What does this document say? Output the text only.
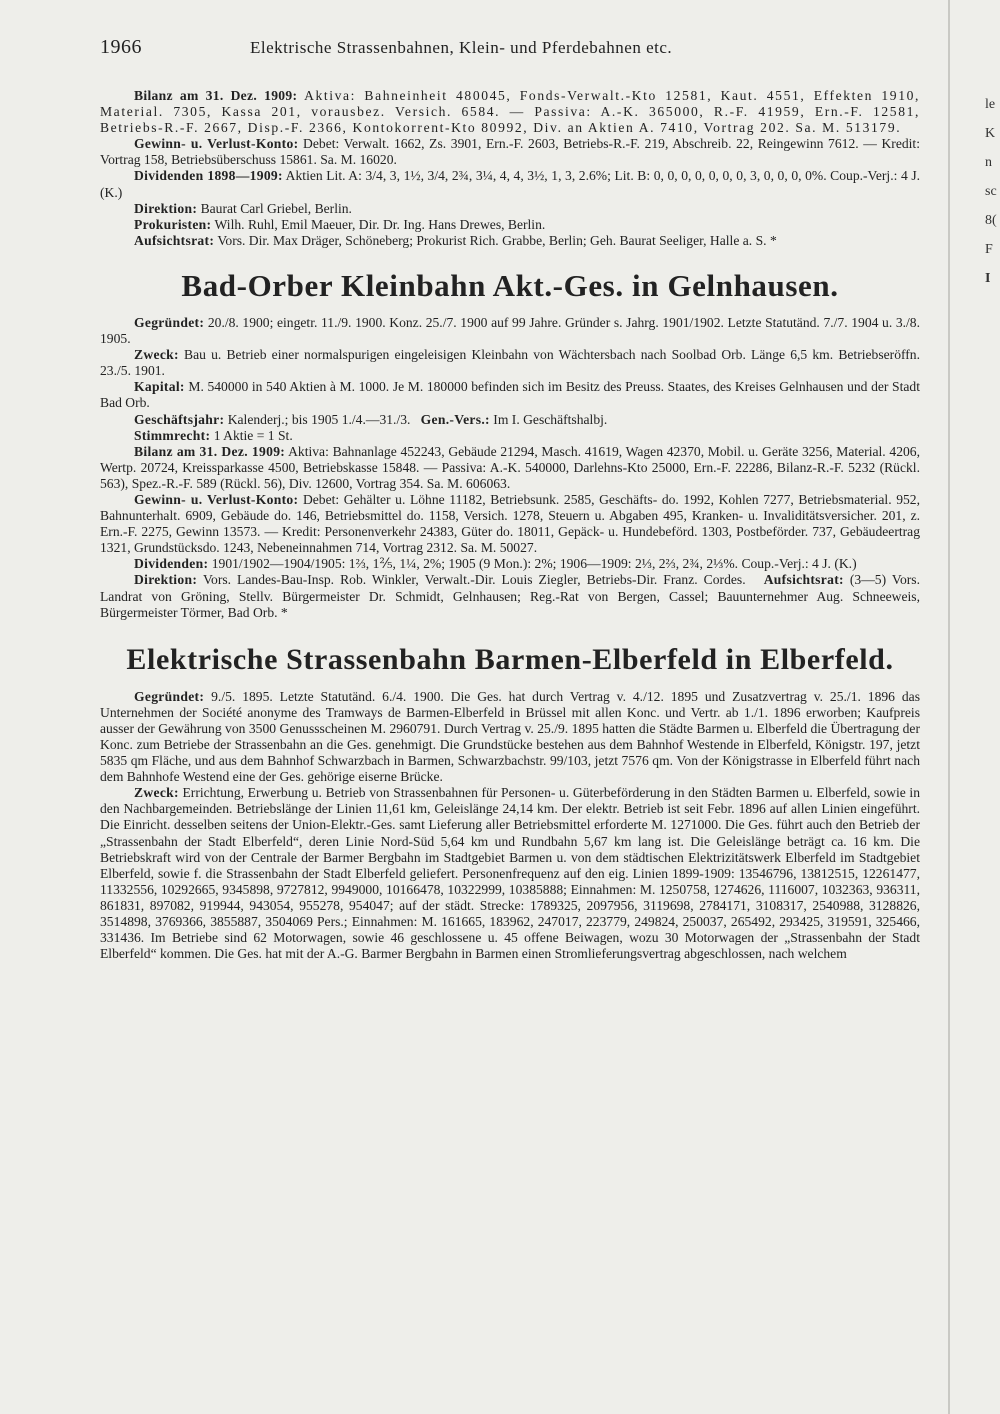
le
K
n
sc
8(
F
I
1966	Elektrische Strassenbahnen, Klein- und Pferdebahnen etc.

Bilanz am 31. Dez. 1909: Aktiva: Bahneinheit 480045, Fonds-Verwalt.-Kto 12581, Kaut. 4551, Effekten 1910, Material. 7305, Kassa 201, vorausbez. Versich. 6584. — Passiva: A.-K. 365000, R.-F. 41959, Ern.-F. 12581, Betriebs-R.-F. 2667, Disp.-F. 2366, Kontokorrent-Kto 80992, Div. an Aktien A. 7410, Vortrag 202. Sa. M. 513179.

Gewinn- u. Verlust-Konto: Debet: Verwalt. 1662, Zs. 3901, Ern.-F. 2603, Betriebs-R.-F. 219, Abschreib. 22, Reingewinn 7612. — Kredit: Vortrag 158, Betriebsüberschuss 15861. Sa. M. 16020.

Dividenden 1898—1909: Aktien Lit. A: 3/4, 3, 1½, 3/4, 2¾, 3¼, 4, 4, 3½, 1, 3, 2.6%; Lit. B: 0, 0, 0, 0, 0, 0, 0, 3, 0, 0, 0, 0%. Coup.-Verj.: 4 J. (K.)

Direktion: Baurat Carl Griebel, Berlin.

Prokuristen: Wilh. Ruhl, Emil Maeuer, Dir. Dr. Ing. Hans Drewes, Berlin.

Aufsichtsrat: Vors. Dir. Max Dräger, Schöneberg; Prokurist Rich. Grabbe, Berlin; Geh. Baurat Seeliger, Halle a. S. *

Bad-Orber Kleinbahn Akt.-Ges. in Gelnhausen.

Gegründet: 20./8. 1900; eingetr. 11./9. 1900. Konz. 25./7. 1900 auf 99 Jahre. Gründer s. Jahrg. 1901/1902. Letzte Statutänd. 7./7. 1904 u. 3./8. 1905.

Zweck: Bau u. Betrieb einer normalspurigen eingeleisigen Kleinbahn von Wächtersbach nach Soolbad Orb. Länge 6,5 km. Betriebseröffn. 23./5. 1901.

Kapital: M. 540000 in 540 Aktien à M. 1000. Je M. 180000 befinden sich im Besitz des Preuss. Staates, des Kreises Gelnhausen und der Stadt Bad Orb.

Geschäftsjahr: Kalenderj.; bis 1905 1./4.—31./3. Gen.-Vers.: Im I. Geschäftshalbj.

Stimmrecht: 1 Aktie = 1 St.

Bilanz am 31. Dez. 1909: Aktiva: Bahnanlage 452243, Gebäude 21294, Masch. 41619, Wagen 42370, Mobil. u. Geräte 3256, Material. 4206, Wertp. 20724, Kreissparkasse 4500, Betriebskasse 15848. — Passiva: A.-K. 540000, Darlehns-Kto 25000, Ern.-F. 22286, Bilanz-R.-F. 5232 (Rückl. 563), Spez.-R.-F. 589 (Rückl. 56), Div. 12600, Vortrag 354. Sa. M. 606063.

Gewinn- u. Verlust-Konto: Debet: Gehälter u. Löhne 11182, Betriebsunk. 2585, Geschäfts- do. 1992, Kohlen 7277, Betriebsmaterial. 952, Bahnunterhalt. 6909, Gebäude do. 146, Betriebsmittel do. 1158, Versich. 1278, Steuern u. Abgaben 495, Kranken- u. Invaliditätsversicher. 201, z. Ern.-F. 2275, Gewinn 13573. — Kredit: Personenverkehr 24383, Güter do. 18011, Gepäck- u. Hundebeförd. 1303, Postbeförder. 737, Gebäudeertrag 1321, Grundstücksdo. 1243, Nebeneinnahmen 714, Vortrag 2312. Sa. M. 50027.

Dividenden: 1901/1902—1904/1905: 1⅔, 1⅖, 1¼, 2%; 1905 (9 Mon.): 2%; 1906—1909: 2⅓, 2⅔, 2¾, 2⅓%. Coup.-Verj.: 4 J. (K.)

Direktion: Vors. Landes-Bau-Insp. Rob. Winkler, Verwalt.-Dir. Louis Ziegler, Betriebs-Dir. Franz. Cordes. Aufsichtsrat: (3—5) Vors. Landrat von Gröning, Stellv. Bürgermeister Dr. Schmidt, Gelnhausen; Reg.-Rat von Bergen, Cassel; Bauunternehmer Aug. Schneeweis, Bürgermeister Törmer, Bad Orb. *

Elektrische Strassenbahn Barmen-Elberfeld in Elberfeld.

Gegründet: 9./5. 1895. Letzte Statutänd. 6./4. 1900. Die Ges. hat durch Vertrag v. 4./12. 1895 und Zusatzvertrag v. 25./1. 1896 das Unternehmen der Société anonyme des Tramways de Barmen-Elberfeld in Brüssel mit allen Konc. und Vertr. ab 1./1. 1896 erworben; Kaufpreis ausser der Gewährung von 3500 Genussscheinen M. 2960791. Durch Vertrag v. 25./9. 1895 hatten die Städte Barmen u. Elberfeld die Übertragung der Konc. zum Betriebe der Strassenbahn an die Ges. genehmigt. Die Grundstücke bestehen aus dem Bahnhof Westende in Elberfeld, Königstr. 197, jetzt 5835 qm Fläche, und aus dem Bahnhof Schwarzbach in Barmen, Schwarzbachstr. 99/103, jetzt 7576 qm. Von der Königstrasse in Elberfeld führt nach dem Bahnhofe Westend eine der Ges. gehörige eiserne Brücke.

Zweck: Errichtung, Erwerbung u. Betrieb von Strassenbahnen für Personen- u. Güterbeförderung in den Städten Barmen u. Elberfeld, sowie in den Nachbargemeinden. Betriebslänge der Linien 11,61 km, Geleislänge 24,14 km. Der elektr. Betrieb ist seit Febr. 1896 auf allen Linien eingeführt. Die Einricht. desselben seitens der Union-Elektr.-Ges. samt Lieferung aller Betriebsmittel erforderte M. 1271000. Die Ges. führt auch den Betrieb der „Strassenbahn der Stadt Elberfeld“, deren Linie Nord-Süd 5,64 km und Rundbahn 5,67 km lang ist. Die Geleislänge beträgt ca. 16 km. Die Betriebskraft wird von der Centrale der Barmer Bergbahn im Stadtgebiet Barmen u. von dem städtischen Elektrizitätswerk Elberfeld im Stadtgebiet Elberfeld, sowie f. die Strassenbahn der Stadt Elberfeld geliefert. Personenfrequenz auf den eig. Linien 1899-1909: 13546796, 13812515, 12261477, 11332556, 10292665, 9345898, 9727812, 9949000, 10166478, 10322999, 10385888; Einnahmen: M. 1250758, 1274626, 1116007, 1032363, 936311, 861831, 897082, 919944, 943054, 955278, 954047; auf der städt. Strecke: 1789325, 2097956, 3119698, 2784171, 3108317, 2540988, 3128826, 3514898, 3769366, 3855887, 3504069 Pers.; Einnahmen: M. 161665, 183962, 247017, 223779, 249824, 250037, 265492, 293425, 319591, 325466, 331436. Im Betriebe sind 62 Motorwagen, sowie 46 geschlossene u. 45 offene Beiwagen, wozu 30 Motorwagen der „Strassenbahn der Stadt Elberfeld“ kommen. Die Ges. hat mit der A.-G. Barmer Bergbahn in Barmen einen Stromlieferungsvertrag abgeschlossen, nach welchem
